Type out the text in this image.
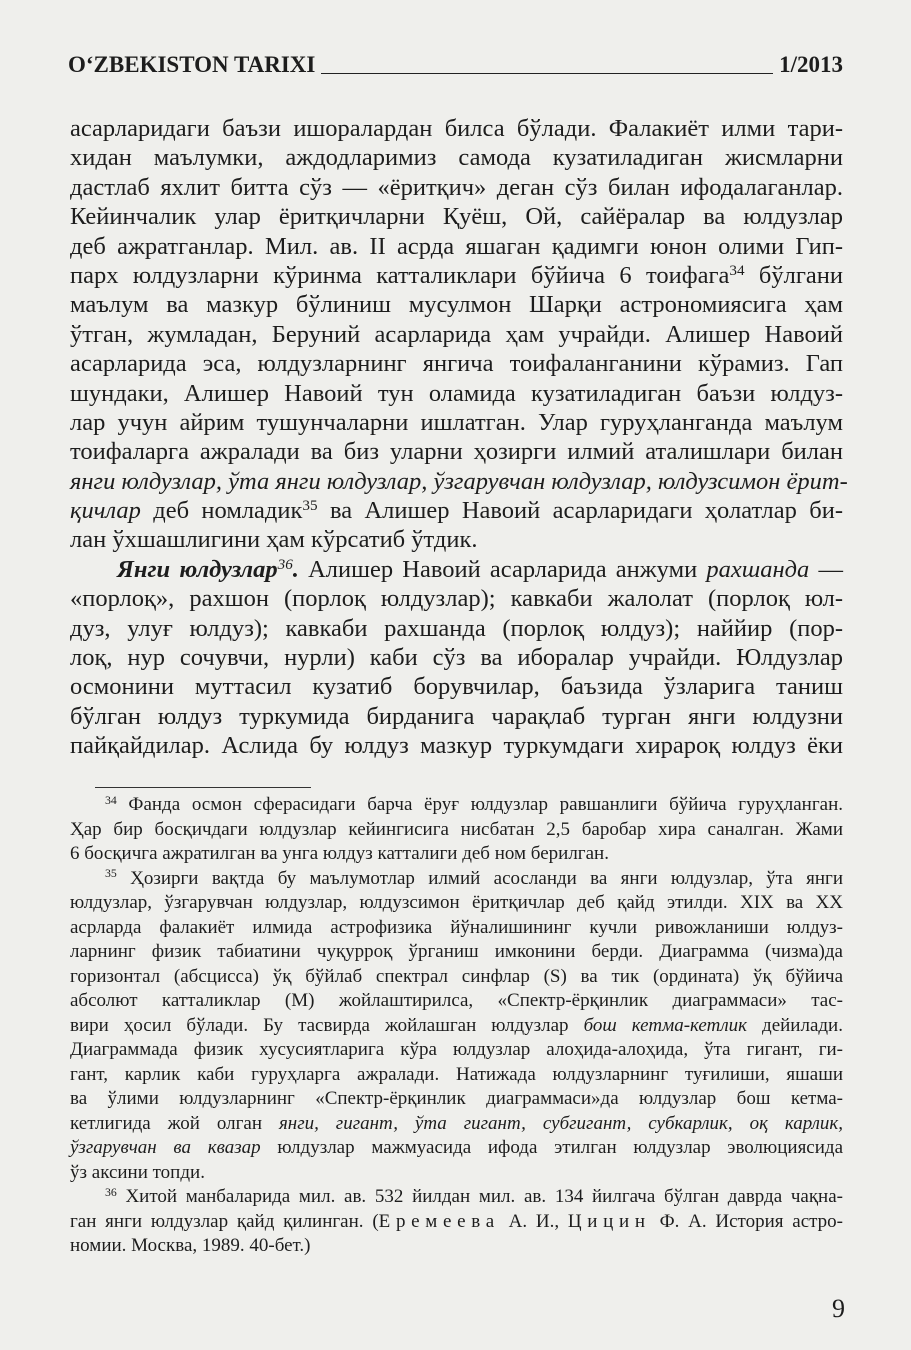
O‘ZBEKISTON TARIXI	1/2013
асарларидаги баъзи ишоралардан билса бўлади. Фалакиёт илми тари-
хидан маълумки, аждодларимиз самода кузатиладиган жисмларни
дастлаб яхлит битта сўз — «ёритқич» деган сўз билан ифодалаганлар.
Кейинчалик улар ёритқичларни Қуёш, Ой, сайёралар ва юлдузлар
деб ажратганлар. Мил. ав. II асрда яшаган қадимги юнон олими Гип-
парх юлдузларни кўринма катталиклари бўйича 6 тоифага$^{34}$ бўлгани
маълум ва мазкур бўлиниш мусулмон Шарқи астрономиясига ҳам
ўтган, жумладан, Беруний асарларида ҳам учрайди. Алишер Навоий
асарларида эса, юлдузларнинг янгича тоифаланганини кўрамиз. Гап
шундаки, Алишер Навоий тун оламида кузатиладиган баъзи юлдуз-
лар учун айрим тушунчаларни ишлатган. Улар гуруҳланганда маълум
тоифаларга ажралади ва биз уларни ҳозирги илмий аталишлари билан
янги юлдузлар, ўта янги юлдузлар, ўзгарувчан юлдузлар, юлдузсимон ёрит-
қичлар деб номладик$^{35}$ ва Алишер Навоий асарларидаги ҳолатлар би-
лан ўхшашлигини ҳам кўрсатиб ўтдик.
Янги юлдузлар$^{36}$. Алишер Навоий асарларида анжуми рахшанда —
«порлоқ», рахшон (порлоқ юлдузлар); кавкаби жалолат (порлоқ юл-
дуз, улуғ юлдуз); кавкаби рахшанда (порлоқ юлдуз); наййир (пор-
лоқ, нур сочувчи, нурли) каби сўз ва иборалар учрайди. Юлдузлар
осмонини муттасил кузатиб борувчилар, баъзида ўзларига таниш
бўлган юлдуз туркумида бирданига чарақлаб турган янги юлдузни
пайқайдилар. Аслида бу юлдуз мазкур туркумдаги хирароқ юлдуз ёки
$^{34}$ Фанда осмон сферасидаги барча ёруғ юлдузлар равшанлиги бўйича гуруҳланган.
Ҳар бир босқичдаги юлдузлар кейингисига нисбатан 2,5 баробар хира саналган. Жами
6 босқичга ажратилган ва унга юлдуз катталиги деб ном берилган.
$^{35}$ Ҳозирги вақтда бу маълумотлар илмий асосланди ва янги юлдузлар, ўта янги
юлдузлар, ўзгарувчан юлдузлар, юлдузсимон ёритқичлар деб қайд этилди. XIX ва XX
асрларда фалакиёт илмида астрофизика йўналишининг кучли ривожланиши юлдуз-
ларнинг физик табиатини чуқурроқ ўрганиш имконини берди. Диаграмма (чизма)да
горизонтал (абсцисса) ўқ бўйлаб спектрал синфлар (S) ва тик (ордината) ўқ бўйича
абсолют катталиклар (M) жойлаштирилса, «Спектр-ёрқинлик диаграммаси» тас-
вири ҳосил бўлади. Бу тасвирда жойлашган юлдузлар бош кетма-кетлик дейилади.
Диаграммада физик хусусиятларига кўра юлдузлар алоҳида-алоҳида, ўта гигант, ги-
гант, карлик каби гуруҳларга ажралади. Натижада юлдузларнинг туғилиши, яшаши
ва ўлими юлдузларнинг «Спектр-ёрқинлик диаграммаси»да юлдузлар бош кетма-
кетлигида жой олган янги, гигант, ўта гигант, субгигант, субкарлик, оқ карлик,
ўзгарувчан ва квазар юлдузлар мажмуасида ифода этилган юлдузлар эволюциясида
ўз аксини топди.
$^{36}$ Хитой манбаларида мил. ав. 532 йилдан мил. ав. 134 йилгача бўлган даврда чақна-
ган янги юлдузлар қайд қилинган. (Еремеева А. И., Цицин Ф. А. История астро-
номии. Москва, 1989. 40-бет.)
9
